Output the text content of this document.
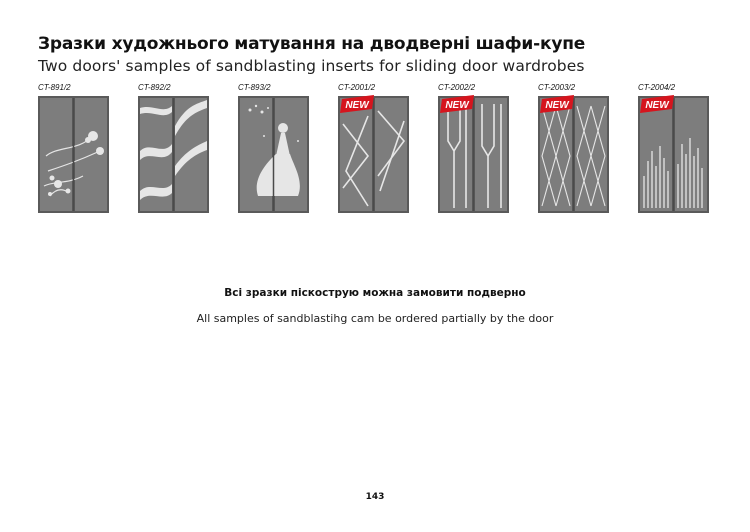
Зразки художнього матування на дводверні шафи-купе
Two doors' samples of sandblasting inserts for sliding door wardrobes
CT-891/2	CT-892/2	CT-893/2	CT-2001/2
NEW
CT-2002/2
NEW
CT-2003/2
NEW
CT-2004/2
NEW
Всі зразки піскострую можна замовити подверно
All samples of sandblastihg cam be ordered partially by the door
143
